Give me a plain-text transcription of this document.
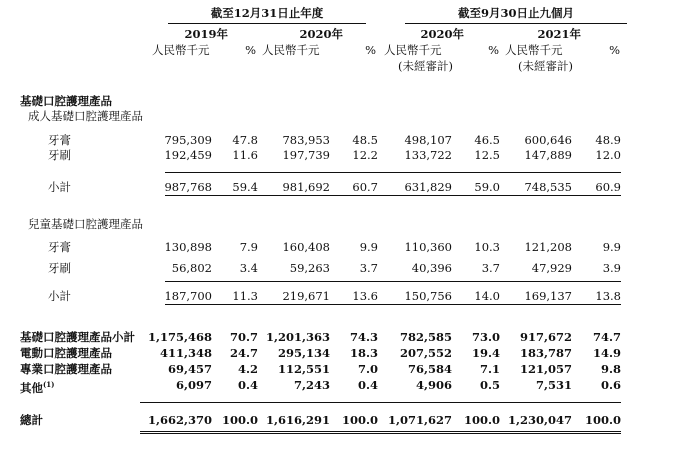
截至12月31日止年度	截至9月30日止九個月
2019年	2020年	2020年	2021年
人民幣千元	% 人民幣千元	% 人民幣千元	% 人民幣千元	%
(未經審計)	(未經審計)
基礎口腔護理產品
成人基礎口腔護理產品
兒童基礎口腔護理產品
牙膏	795,309	47.8	783,953	48.5	498,107	46.5	600,646	48.9
牙刷	192,459	11.6	197,739	12.2	133,722	12.5	147,889	12.0
小計	987,768	59.4	981,692	60.7	631,829	59.0	748,535	60.9
牙膏	130,898	7.9	160,408	9.9	110,360	10.3	121,208	9.9
牙刷	56,802	3.4	59,263	3.7	40,396	3.7	47,929	3.9
小計	187,700	11.3	219,671	13.6	150,756	14.0	169,137	13.8
基礎口腔護理產品小計	1,175,468	70.7 1,201,363	74.3	782,585	73.0	917,672	74.7
電動口腔護理產品	411,348	24.7	295,134	18.3	207,552	19.4	183,787	14.9
專業口腔護理產品	69,457	4.2	112,551	7.0	76,584	7.1	121,057	9.8
其他$^{(1)}$	6,097	0.4	7,243	0.4	4,906	0.5	7,531	0.6
總計	1,662,370 100.0 1,616,291	100.0 1,071,627	100.0 1,230,047	100.0
